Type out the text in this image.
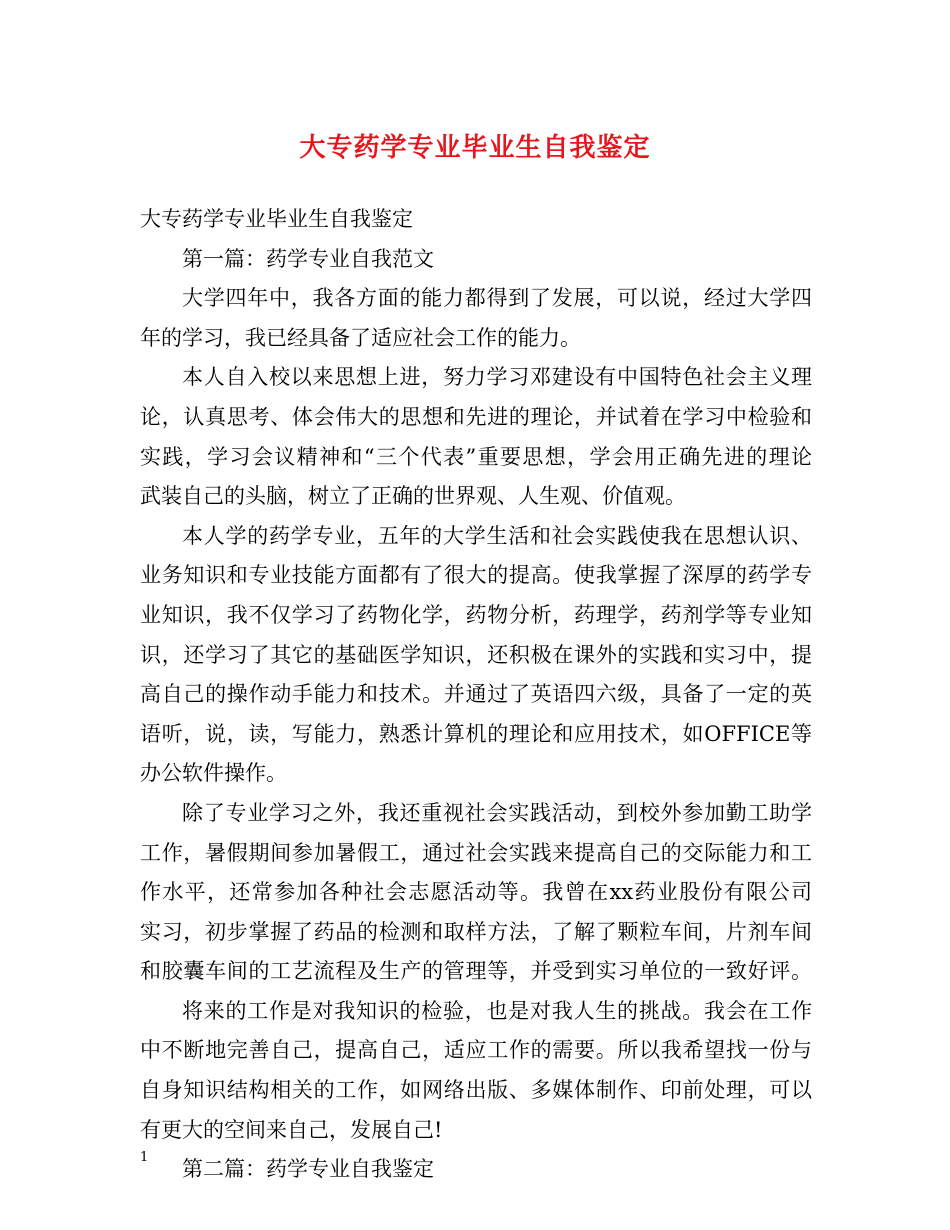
大专药学专业毕业生自我鉴定
大专药学专业毕业生自我鉴定
第一篇：药学专业自我范文
大学四年中，我各方面的能力都得到了发展，可以说，经过大学四
年的学习，我已经具备了适应社会工作的能力。
本人自入校以来思想上进，努力学习邓建设有中国特色社会主义理
论，认真思考、体会伟大的思想和先进的理论，并试着在学习中检验和
实践，学习会议精神和“三个代表”重要思想，学会用正确先进的理论
武装自己的头脑，树立了正确的世界观、人生观、价值观。
本人学的药学专业，五年的大学生活和社会实践使我在思想认识、
业务知识和专业技能方面都有了很大的提高。使我掌握了深厚的药学专
业知识，我不仅学习了药物化学，药物分析，药理学，药剂学等专业知
识，还学习了其它的基础医学知识，还积极在课外的实践和实习中，提
高自己的操作动手能力和技术。并通过了英语四六级，具备了一定的英
语听，说，读，写能力，熟悉计算机的理论和应用技术，如OFFICE等
办公软件操作。
除了专业学习之外，我还重视社会实践活动，到校外参加勤工助学
工作，暑假期间参加暑假工，通过社会实践来提高自己的交际能力和工
作水平，还常参加各种社会志愿活动等。我曾在xx药业股份有限公司
实习，初步掌握了药品的检测和取样方法，了解了颗粒车间，片剂车间
和胶囊车间的工艺流程及生产的管理等，并受到实习单位的一致好评。
将来的工作是对我知识的检验，也是对我人生的挑战。我会在工作
中不断地完善自己，提高自己，适应工作的需要。所以我希望找一份与
自身知识结构相关的工作，如网络出版、多媒体制作、印前处理，可以
有更大的空间来自己，发展自己!
第二篇：药学专业自我鉴定
1
